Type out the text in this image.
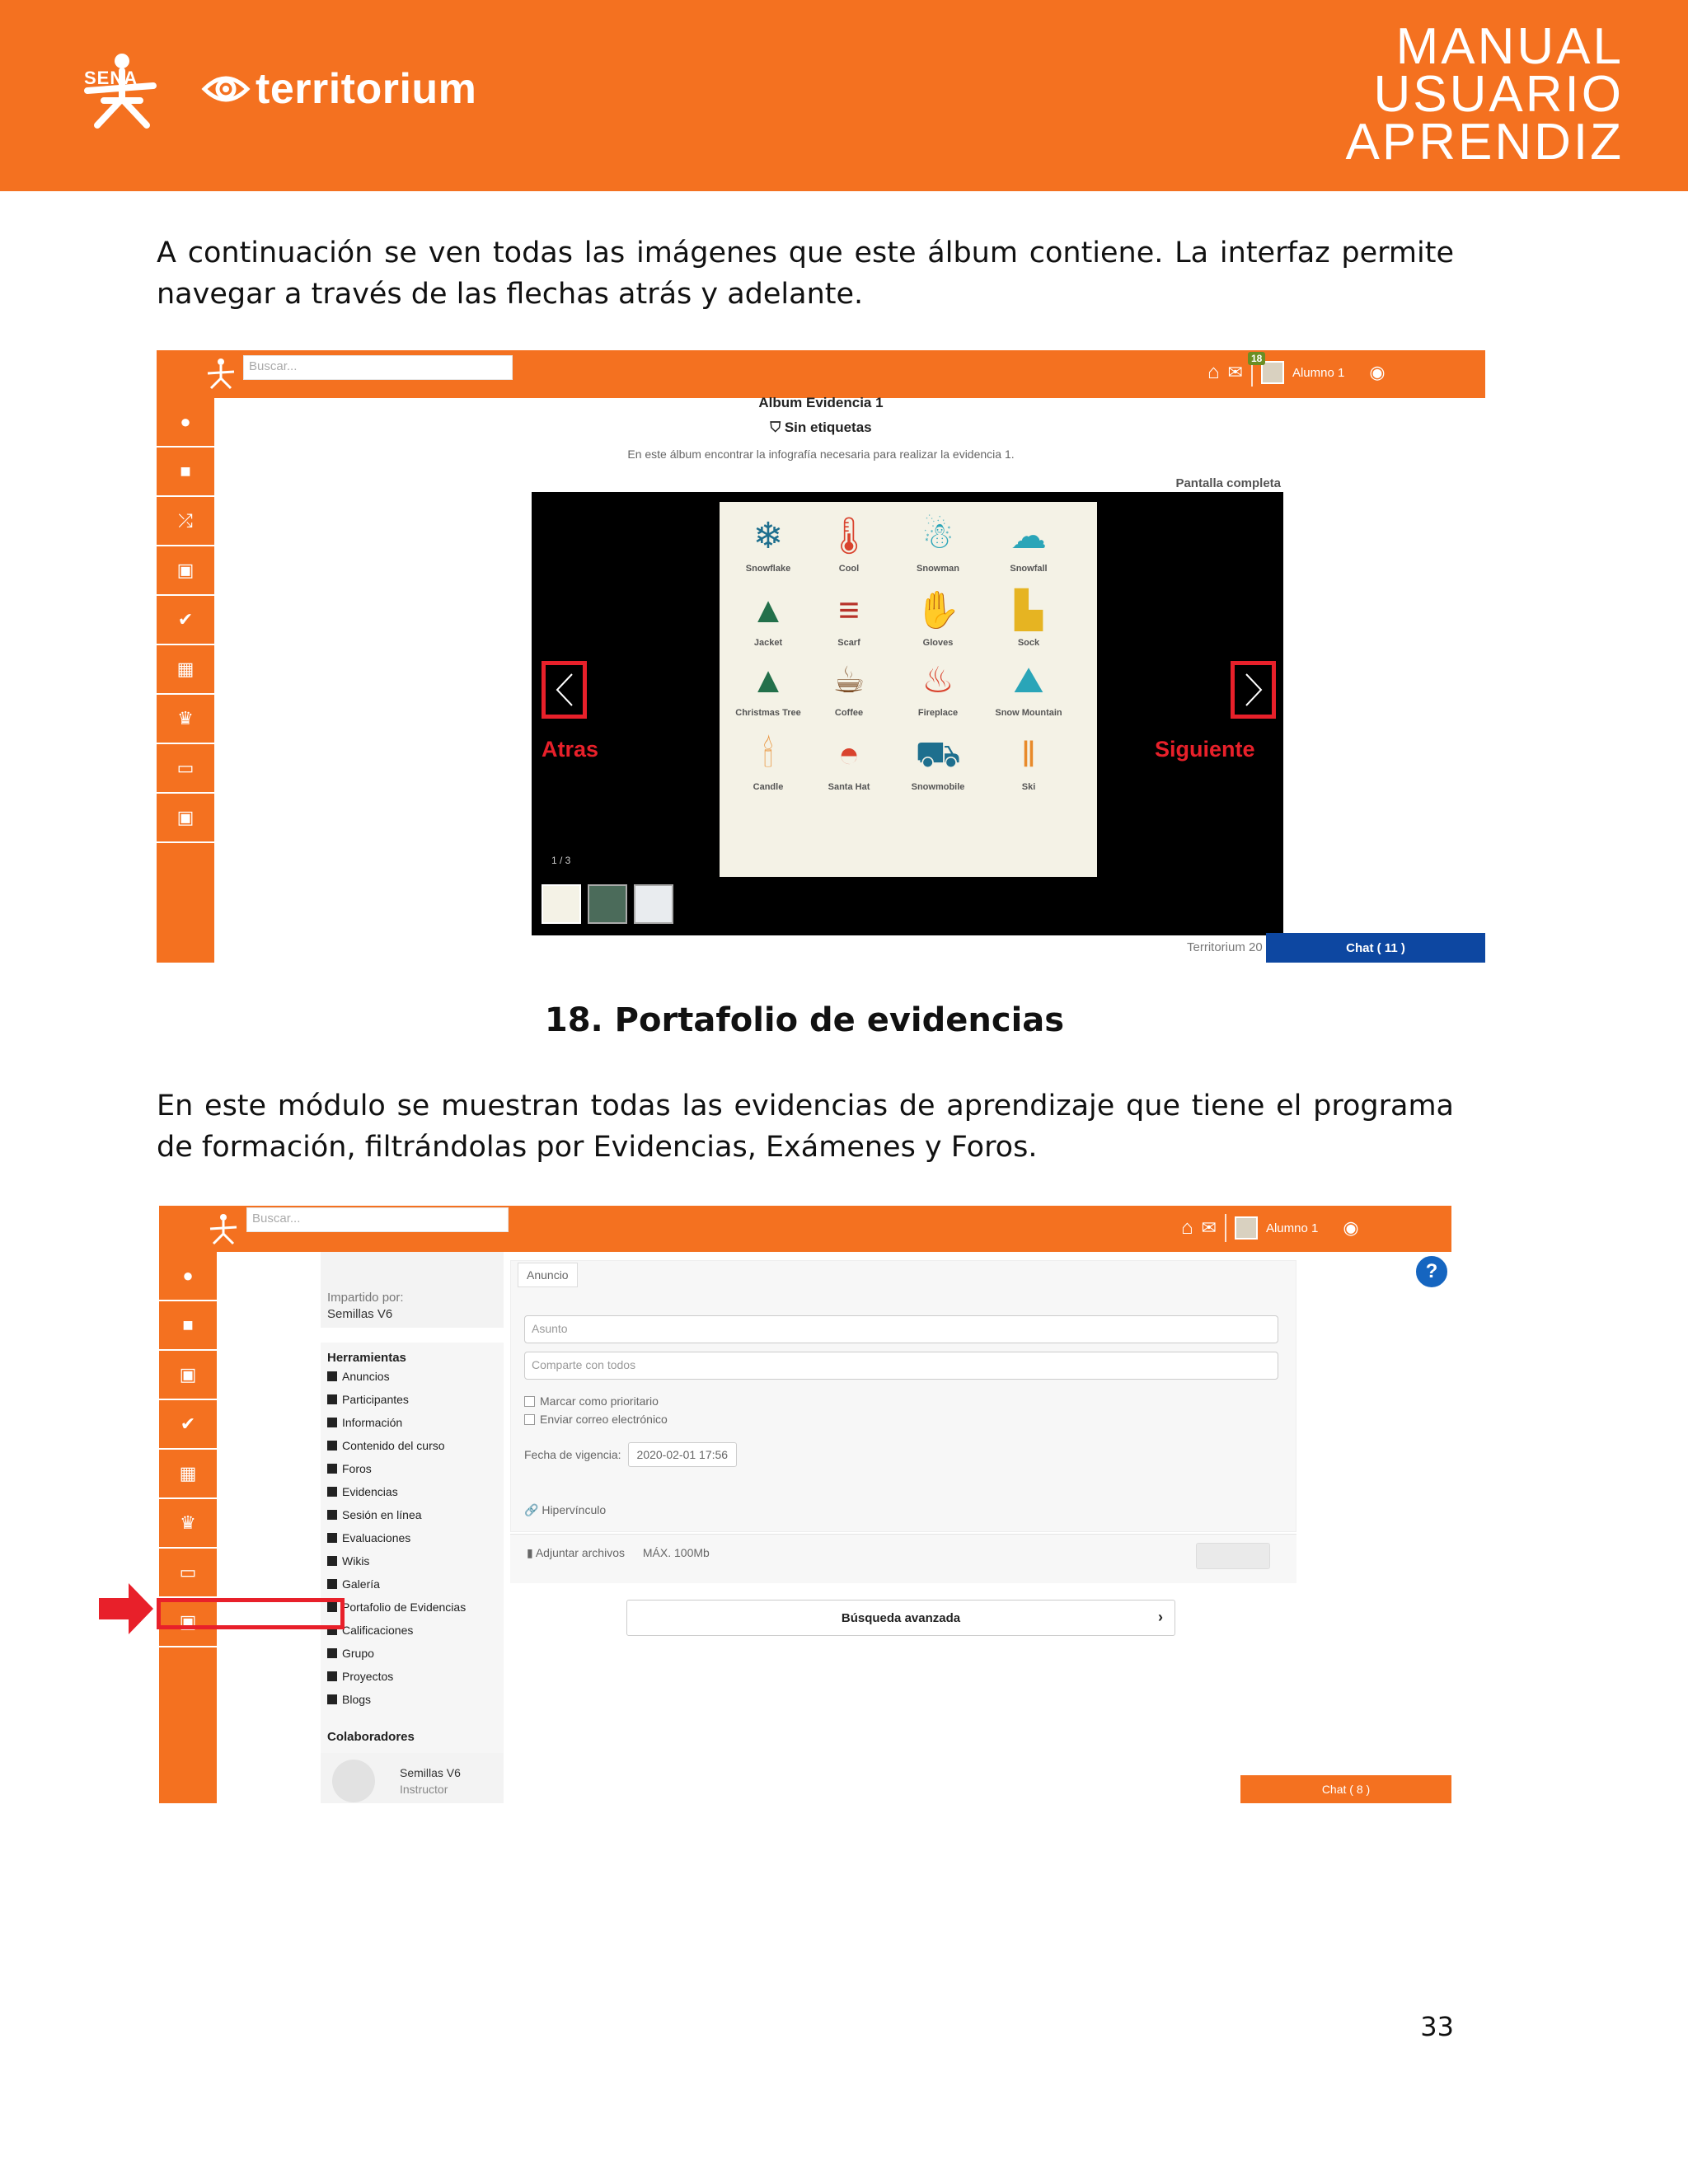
SENA	territorium
MANUAL
USUARIO
APRENDIZ

A continuación se ven todas las imágenes que este álbum contiene. La interfaz permite navegar a través de las flechas atrás y adelante.

Buscar...	⌂ ✉	Alumno 1 ◉
18
●
■
⤮
▣
✔
▦
♛
▭
▣
Album Evidencia 1
⛉ Sin etiquetas
En este álbum encontrar la infografía necesaria para realizar la evidencia 1.
Pantalla completa
❄
Snowflake
🌡
Cool
☃
Snowman
☁
Snowfall
▲
Jacket
≡
Scarf
✋
Gloves
▙
Sock
▲
Christmas Tree
☕
Coffee
♨
Fireplace
⛰
Snow Mountain
🕯
Candle
◓
Santa Hat
⛟
Snowmobile
‖
Ski
Atras	Siguiente
1 / 3
Territorium 20	Chat ( 11 )
18. Portafolio de evidencias

En este módulo se muestran todas las evidencias de aprendizaje que tiene el programa de formación, filtrándolas por Evidencias, Exámenes y Foros.

Buscar...	⌂ ✉	Alumno 1 ◉
●
■
▣
✔
▦
♛
▭
▣
Impartido por:
Semillas V6
Herramientas
Anuncios
Participantes
Información
Contenido del curso
Foros
Evidencias
Sesión en línea
Evaluaciones
Wikis
Galería
Portafolio de Evidencias
Calificaciones
Grupo
Proyectos
Blogs
Colaboradores
Semillas V6
Instructor
Anuncio
Asunto
Comparte con todos
Marcar como prioritario
Enviar correo electrónico
Fecha de vigencia:	2020-02-01 17:56
🔗 Hipervínculo
▮ Adjuntar archivos MÁX. 100Mb
Búsqueda avanzada	›
?
Chat ( 8 )
33
